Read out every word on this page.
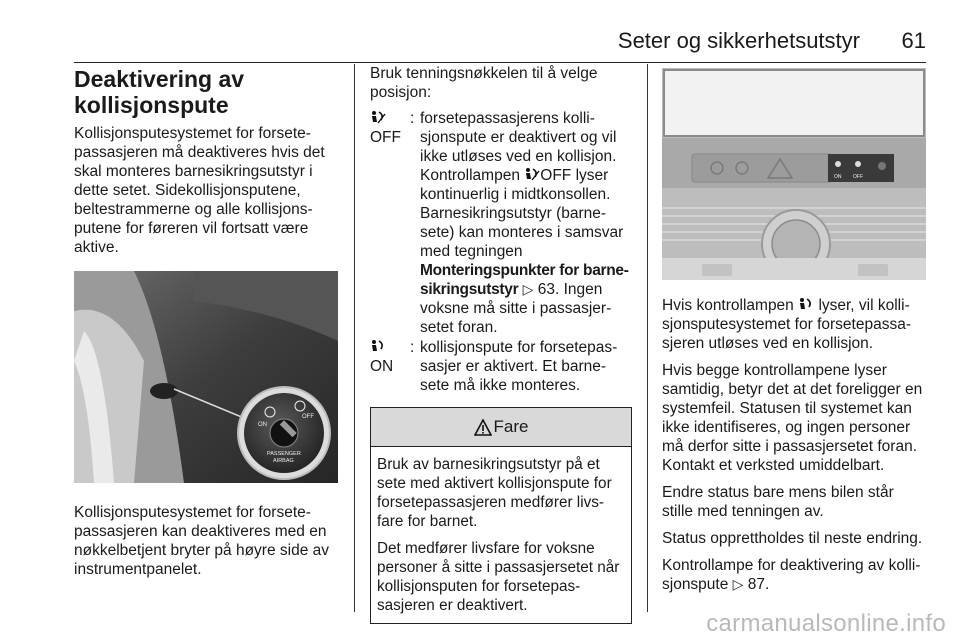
Seter og sikkerhetsutstyr 61
Deaktivering av kollisjonspute

Kollisjonsputesystemet for forsete-passasjeren må deaktiveres hvis det skal monteres barnesikringsutstyr i dette setet. Sidekollisjonsputene, beltestrammerne og alle kollisjons-putene for føreren vil fortsatt være aktive.

ON
OFF
PASSENGER
AIRBAG

Kollisjonsputesystemet for forsete-passasjeren kan deaktiveres med en nøkkelbetjent bryter på høyre side av instrumentpanelet.

Bruk tenningsnøkkelen til å velge posisjon:

OFF
: forsetepassasjerens kolli-sjonspute er deaktivert og vil ikke utløses ved en kollisjon. Kontrollampen OFF lyser kontinuerlig i midtkonsollen. Barnesikringsutstyr (barne-sete) kan monteres i samsvar med tegningen Monteringspunkter for barne-sikringsutstyr ▷ 63. Ingen voksne må sitte i passasjer-setet foran.

ON
: kollisjonspute for forsetepas-sasjer er aktivert. Et barne-sete må ikke monteres.
Fare

Bruk av barnesikringsutstyr på et sete med aktivert kollisjonspute for forsetepassasjeren medfører livs-fare for barnet.

Det medfører livsfare for voksne personer å sitte i passasjersetet når kollisjonsputen for forsetepas-sasjeren er deaktivert.

ON OFF

Hvis kontrollampen lyser, vil kolli-sjonsputesystemet for forsetepassa-sjeren utløses ved en kollisjon.

Hvis begge kontrollampene lyser samtidig, betyr det at det foreligger en systemfeil. Statusen til systemet kan ikke identifiseres, og ingen personer må derfor sitte i passasjersetet foran. Kontakt et verksted umiddelbart.

Endre status bare mens bilen står stille med tenningen av.

Status opprettholdes til neste endring.

Kontrollampe for deaktivering av kolli-sjonspute ▷ 87.

carmanualsonline.info
